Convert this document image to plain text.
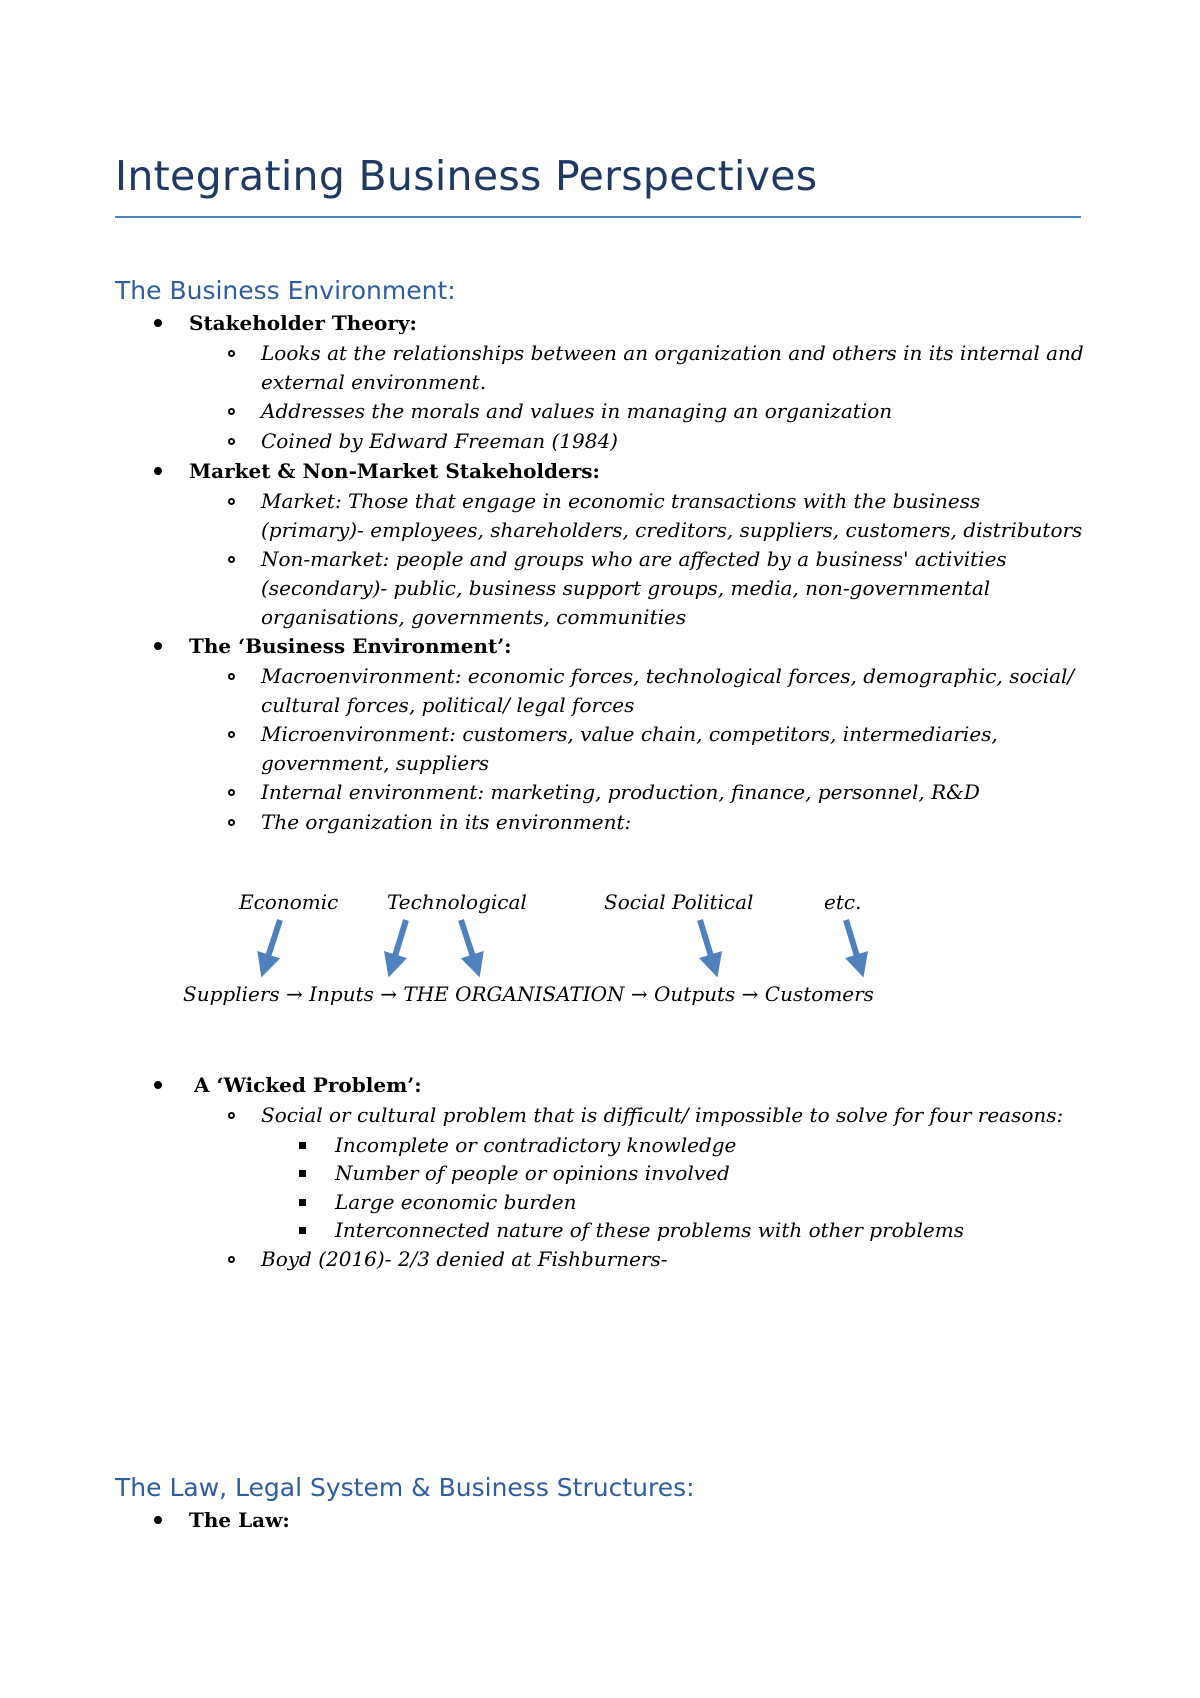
Integrating Business Perspectives
The Business Environment:
Stakeholder Theory:
Looks at the relationships between an organization and others in its internal and
external environment.
Addresses the morals and values in managing an organization
Coined by Edward Freeman (1984)
Market & Non-Market Stakeholders:
Market: Those that engage in economic transactions with the business
(primary)- employees, shareholders, creditors, suppliers, customers, distributors
Non-market: people and groups who are affected by a business' activities
(secondary)- public, business support groups, media, non-governmental
organisations, governments, communities
The ‘Business Environment’:
Macroenvironment: economic forces, technological forces, demographic, social/
cultural forces, political/ legal forces
Microenvironment: customers, value chain, competitors, intermediaries,
government, suppliers
Internal environment: marketing, production, finance, personnel, R&D
The organization in its environment:
Economic Technological	Social Political	etc.
Suppliers → Inputs → THE ORGANISATION → Outputs → Customers
A ‘Wicked Problem’:
Social or cultural problem that is difficult/ impossible to solve for four reasons:
Incomplete or contradictory knowledge
Number of people or opinions involved
Large economic burden
Interconnected nature of these problems with other problems
Boyd (2016)- 2/3 denied at Fishburners-
The Law, Legal System & Business Structures:
The Law:
